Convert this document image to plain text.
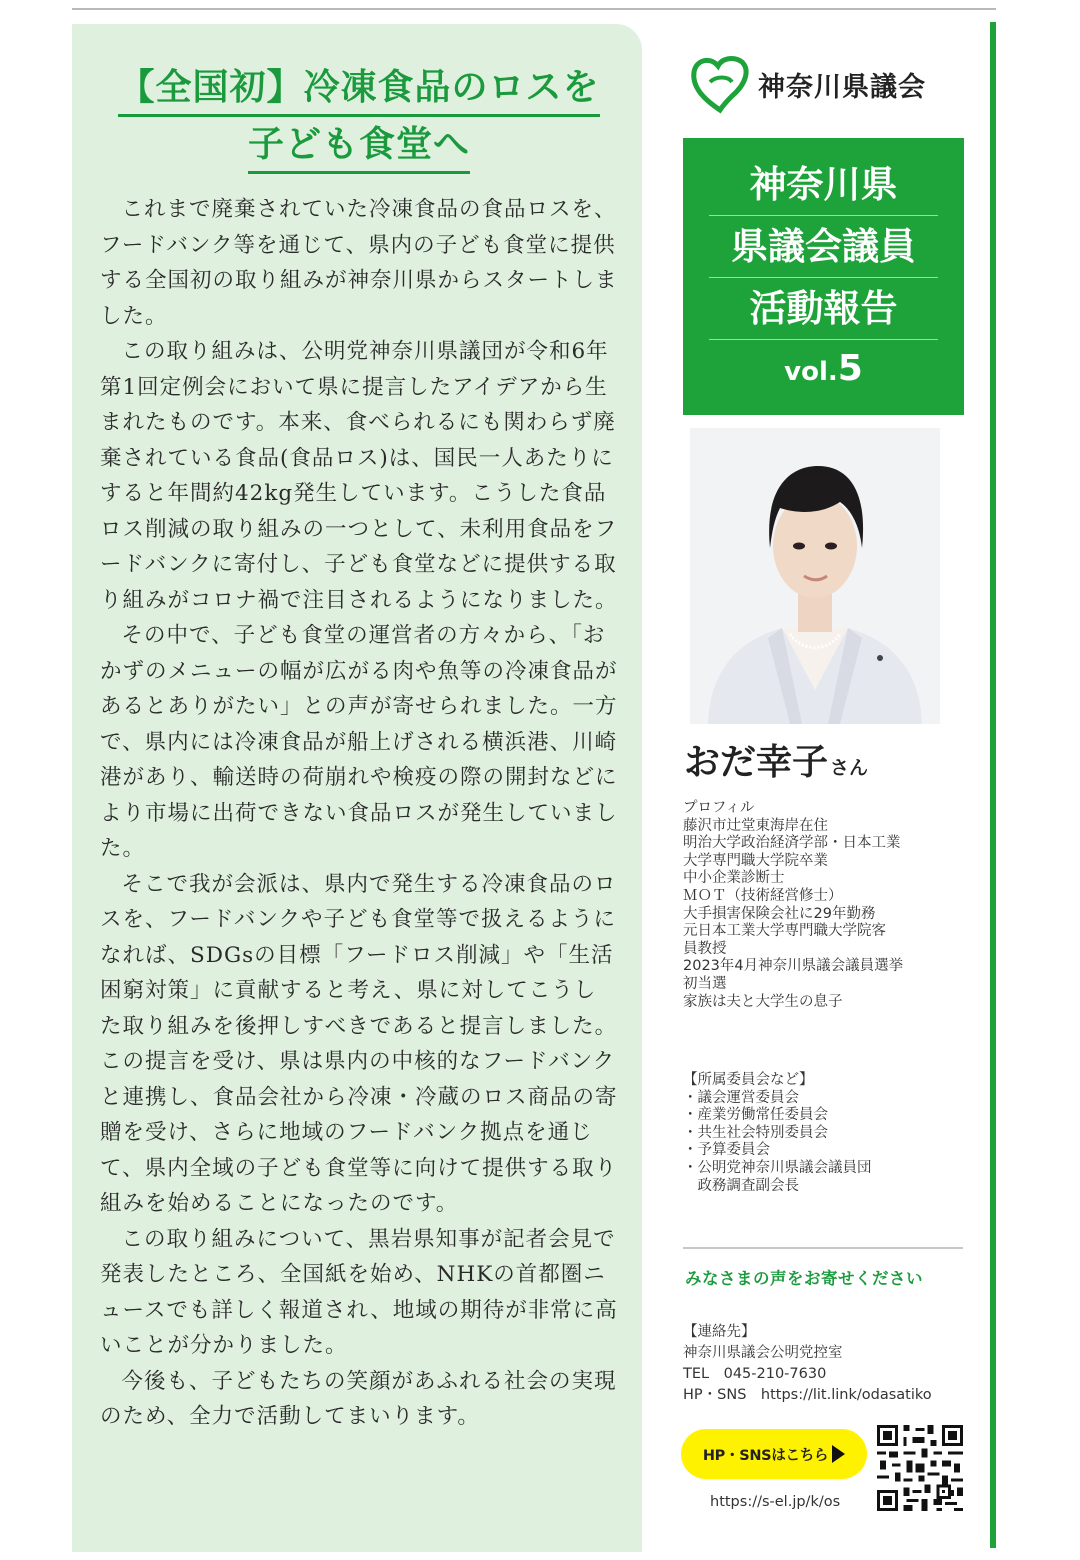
【全国初】冷凍食品のロスを
子ども食堂へ

これまで廃棄されていた冷凍食品の食品ロスを、フードバンク等を通じて、県内の子ども食堂に提供する全国初の取り組みが神奈川県からスタートしました。

この取り組みは、公明党神奈川県議団が令和6年第1回定例会において県に提言したアイデアから生まれたものです。本来、食べられるにも関わらず廃棄されている食品(食品ロス)は、国民一人あたりにすると年間約42kg発生しています。こうした食品ロス削減の取り組みの一つとして、未利用食品をフードバンクに寄付し、子ども食堂などに提供する取り組みがコロナ禍で注目されるようになりました。

その中で、子ども食堂の運営者の方々から、「おかずのメニューの幅が広がる肉や魚等の冷凍食品があるとありがたい」との声が寄せられました。一方で、県内には冷凍食品が船上げされる横浜港、川崎港があり、輸送時の荷崩れや検疫の際の開封などにより市場に出荷できない食品ロスが発生していました。

そこで我が会派は、県内で発生する冷凍食品のロスを、フードバンクや子ども食堂等で扱えるようになれば、SDGsの目標「フードロス削減」や「生活困窮対策」に貢献すると考え、県に対してこうした取り組みを後押しすべきであると提言しました。この提言を受け、県は県内の中核的なフードバンクと連携し、食品会社から冷凍・冷蔵のロス商品の寄贈を受け、さらに地域のフードバンク拠点を通じて、県内全域の子ども食堂等に向けて提供する取り組みを始めることになったのです。

この取り組みについて、黒岩県知事が記者会見で発表したところ、全国紙を始め、NHKの首都圏ニュースでも詳しく報道され、地域の期待が非常に高いことが分かりました。

今後も、子どもたちの笑顔があふれる社会の実現のため、全力で活動してまいります。

神奈川県議会
神奈川県
県議会議員
活動報告
vol.5
おだ幸子 さん
プロフィル
藤沢市辻堂東海岸在住
明治大学政治経済学部・日本工業
大学専門職大学院卒業
中小企業診断士
ＭＯＴ（技術経営修士）
大手損害保険会社に29年勤務
元日本工業大学専門職大学院客
員教授
2023年4月神奈川県議会議員選挙
初当選
家族は夫と大学生の息子
【所属委員会など】
・議会運営委員会
・産業労働常任委員会
・共生社会特別委員会
・予算委員会
・公明党神奈川県議会議員団
　政務調査副会長
みなさまの声をお寄せください
【連絡先】
神奈川県議会公明党控室
TEL　045-210-7630
HP・SNS　https://lit.link/odasatiko
HP・SNSはこちら
https://s-el.jp/k/os
